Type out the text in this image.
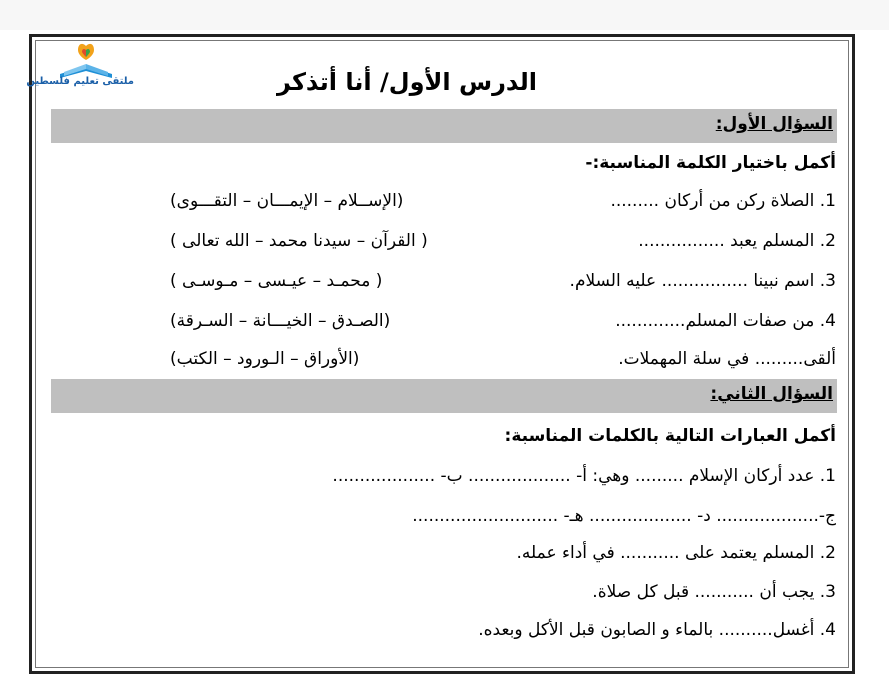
ملتقى تعليم فلسطين	الدرس الأول/ أنا أتذكر
السؤال الأول:
أكمل باختيار الكلمة المناسبة:-
1. الصلاة ركن من أركان .........
(الإســلام – الإيمـــان – التقـــوى)
2. المسلم يعبد ................
( القرآن – سيدنا محمد – الله تعالى )
3. اسم نبينا ................ عليه السلام.
( محمـد – عيـسى – مـوسـى )
4. من صفات المسلم.............
(الصـدق – الخيـــانة – السـرقة)
ألقى......... في سلة المهملات.
(الأوراق – الـورود – الكتب)
السؤال الثاني:
أكمل العبارات التالية بالكلمات المناسبة:
1. عدد أركان الإسلام ......... وهي: أ- ................... ب- ...................
ج-................... د- ................... هـ- ...........................
2. المسلم يعتمد على ........... في أداء عمله.
3. يجب أن ........... قبل كل صلاة.
4. أغسل.......... بالماء و الصابون قبل الأكل وبعده.
